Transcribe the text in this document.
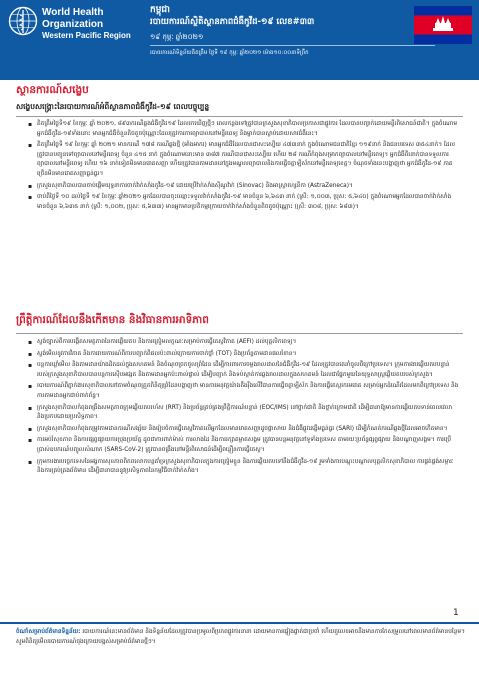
World Health
Organization
Western Pacific Region
កម្ពុជា
របាយការណ៍ស្ថិតិស្ថានភាពជំងឺកូវីដ-១៩ លេខ#៣៣
១៩ កុម្ភៈ ឆ្នាំ២០២១
របាយការណ៍ទិន្នន័យគិតត្រឹម ថ្ងៃទី ១៩ កុម្ភៈ ឆ្នាំ២០២១ ម៉ោង១០:០០នាទីព្រឹក
ស្ថានការណ៍សង្ខេប
សង្ខេបសង្គ្រោះនៃរបាយការណ៍អំពីស្ថានភាពជំងឺកូវីដ-១៩ ពេលបច្ចុប្បន្ន
▪ គិតត្រឹមថ្ងៃទី១៩ ខែកុម្ភៈ ឆ្នាំ ២០២១, ៨៩៣ករណីឆ្លងជំងឺកូវីដ១៩ ដែលរកឃើញថ្មីៗ ពេលកន្លងទៅត្រូវបានក្រសួងសុខាភិបាលប្រកាសជាផ្លូវការ ដែលបានបញ្ជាក់ដោយមន្ទីរពិសោធន៍ជាតិ។ ក្នុងចំណោមអ្នកជំងឺកូវីដ-១៩ទាំងនោះ មានអ្នកជំងឺចំនួនតិចតួចប៉ុណ្ណោះដែលត្រូវការការព្យាបាលនៅមន្ទីរពេទ្យ និងម្នាក់បានស្លាប់ដោយសារជំងឺនេះ។
▪ គិតត្រឹមថ្ងៃទី ១៩ ខែកុម្ភៈ ឆ្នាំ ២០២១ មានករណី ១៧៨ ករណីឆ្លងថ្មី (អាំងអាករ) មានអ្នកជំងឺដែលបានជាសះស្បើយ ៤៧៣នាក់ ក្នុងចំណោមជនជាតិខ្មែរ ១១៩នាក់ និងជនបរទេស ៣៥៤នាក់។ ដែលត្រូវបានបញ្ចូនទៅព្យាបាលនៅមន្ទីរពេទ្យ ចំនួន ៤១៥ នាក់ ក្នុងចំណោមនោះមាន ៣៨៧ ករណីបានជាសះស្បើយ ហើយ ២៨ ករណីកំពុងសម្រាកព្យាបាលនៅមន្ទីរពេទ្យ។ អ្នកជំងឺពីរនាក់បានទទួលការព្យាបាលនៅមន្ទីរពេទ្យ ហើយ ១៦ នាក់ទៀតមិនមានរោគសញ្ញា ហើយត្រូវបានតាមដាននៅក្នុងមណ្ឌលព្យាបាលនិងការធ្វើចត្តាឡីស័កនៅមន្ទីរពេទ្យខេត្ត។ ចំណុចទាំងនេះបង្ហាញថា អ្នកជំងឺកូវីដ-១៩ ភាគច្រើនមិនមានរោគសញ្ញាធ្ងន់ធ្ងរ។
▪ ក្រសួងសុខាភិបាលបានចាប់ផ្ដើមយុទ្ធនាការចាក់វ៉ាក់សាំងកូវីដ-១៩ ដោយប្រើវ៉ាក់សាំងស៊ីណូវ៉ាក់ (Sinovac) និងអាស្ត្រាហ្សេនីកា (AstraZeneca)។
▪ ចាប់ពីថ្ងៃទី ១០ ដល់ថ្ងៃទី ១៩ ខែកុម្ភៈ ឆ្នាំ២០២១ អ្នកដែលបានចុះឈ្មោះទទួលវ៉ាក់សាំងកូវីដ-១៩ មានចំនួន ៦,៦៤៣ នាក់ (ស្រី: ១,០០៣, ប្រុស: ៥,៦៤០) ក្នុងចំណោមអ្នកដែលបានចាក់វ៉ាក់សាំងមានចំនួន ៦,៦៣៥ នាក់ (ស្រី: ១,០០២, ប្រុស: ៥,៦៣៣) មានអ្នកមានប្រតិកម្មក្រោយចាក់វ៉ាក់សាំងចំនួនតិចតួចប៉ុណ្ណោះ (ស្រី: ៣០៨, ប្រុស: ៦៨៣)។
ព្រឹត្តិការណ៍ដែលនឹងកើតមាន និងវិធានការអាទិភាព
▪ ស្ទង់ច្បាស់ពីការបង្កើតសមត្ថភាពនៃការឆ្លើយតប និងការត្រៀមលក្ខណៈសម្រាប់ការធ្វើតេស្តវិភាគ (AEFI) ដល់បុគ្គលិកពេទ្យ។
▪ ស្ទង់មើលនូវការវិភាគ និងការរាយការណ៍ពីការបញ្ជាក់ពីផលប៉ះពាល់ក្រោយការចាក់ថ្នាំ (TOT) និងប្រព័ន្ធតាមដានផលរំខាន។
▪ បន្តការឃ្លាំមើល និងតាមដានយ៉ាងដិតដល់ក្នុងសហគមន៍ និងចំណុចច្រកចូលព្រំដែន ដើម្បីការពារការចម្លងរាលដាលនៃជំងឺកូវីដ-១៩ ដែលត្រូវបានគេនាំចូលពីក្រៅប្រទេស។ ក្រុមការងារឆ្លើយតបបន្ទាន់របស់ក្រសួងសុខាភិបាលបានបន្តការស៊ើបអង្កេត និងតាមដានអ្នកប៉ះពាល់ផ្ទាល់ ដើម្បីបញ្ជាក់ និងទប់ស្កាត់ការឆ្លងរាលដាលក្នុងសហគមន៍ ដែលជាផ្នែកមួយនៃយុទ្ធសាស្ត្រឆ្លើយតបរបស់ក្រសួង។
▪ របាយការណ៍ពីភ្នាក់ងារសុខាភិបាលនៅតាមចំណុចត្រួតពិនិត្យព្រំដែនបង្ហាញថា មានការអនុវត្តយ៉ាងតឹងរ៉ឹងលើវិធានការធ្វើចត្តាឡីស័ក និងការធ្វើតេស្តរកមេរោគ សម្រាប់អ្នកដំណើរដែលមកពីក្រៅប្រទេស និងការតាមដានអ្នកជាប់ពាក់ព័ន្ធ។
▪ ក្រសួងសុខាភិបាលកំពុងពង្រឹងសមត្ថភាពក្រុមឆ្លើយតបរហ័ស (RRT) និងប្រព័ន្ធគ្រប់គ្រងព្រឹត្តិការណ៍បន្ទាន់ (EOC/IMS) នៅថ្នាក់ជាតិ និងថ្នាក់ក្រោមជាតិ ដើម្បីធានាឱ្យមានការឆ្លើយតបទាន់ពេលវេលា និងប្រកបដោយប្រសិទ្ធភាព។
▪ ក្រសួងសុខាភិបាលកំពុងតម្រូវតាមដានករណីសង្ស័យ និងរៀបចំការធ្វើតេស្តវិភាគលើអ្នកដែលមានរោគសញ្ញាដូចផ្ដាសាយ និងជំងឺផ្លូវដង្ហើមធ្ងន់ធ្ងរ (SARI) ដើម្បីកំណត់ករណីឆ្លងថ្មីដែលអាចកើតមាន។
▪ ការអប់រំសុខភាព និងការផ្សព្វផ្សាយការប្រុងប្រយ័ត្ន ដូចជាការពាក់ម៉ាស់ ការលាងដៃ និងការរក្សាគម្លាតសង្គម ត្រូវបានបន្តអនុវត្តនៅទូទាំងប្រទេស តាមរយៈប្រព័ន្ធផ្សព្វផ្សាយ និងបណ្ដាញសង្គម។ ការប្រើប្រាស់ឧបករណ៍បញ្ចូលសំណាក (SARS-CoV-2) ត្រូវបានពង្រឹងនៅមន្ទីរពិសោធន៍ដើម្បីពន្លឿនការធ្វើតេស្ត។
▪ ក្រុមការងារបច្ចេកទេសនៃអង្គការសុខភាពពិភពលោកបន្តគាំទ្រក្រសួងសុខាភិបាលក្នុងការត្រៀមខ្លួន និងការឆ្លើយតបទៅនឹងជំងឺកូវីដ-១៩ រួមទាំងការបណ្ដុះបណ្ដាលបុគ្គលិកសុខាភិបាល ការផ្គត់ផ្គង់សម្ភារៈ និងការគ្រប់គ្រងព័ត៌មាន ដើម្បីធានាបាននូវប្រសិទ្ធភាពនៃកម្មវិធីចាក់វ៉ាក់សាំង។
1
ចំណាំសម្រាប់ព័ត៌មានទិន្នន័យ: របាយការណ៍នេះមានព័ត៌មាន និងទិន្នន័យដែលត្រូវបានប្រមូលពីប្រភពផ្លូវការនានា ដោយមានការផ្ទៀងផ្ទាត់ជាប្រចាំ ហើយតួលេខអាចនឹងមានការកែសម្រួលនៅពេលមានព័ត៌មានបន្ថែម។ សូមពិនិត្យមើលរបាយការណ៍ចុងក្រោយបង្អស់សម្រាប់ព័ត៌មានថ្មីៗ។
